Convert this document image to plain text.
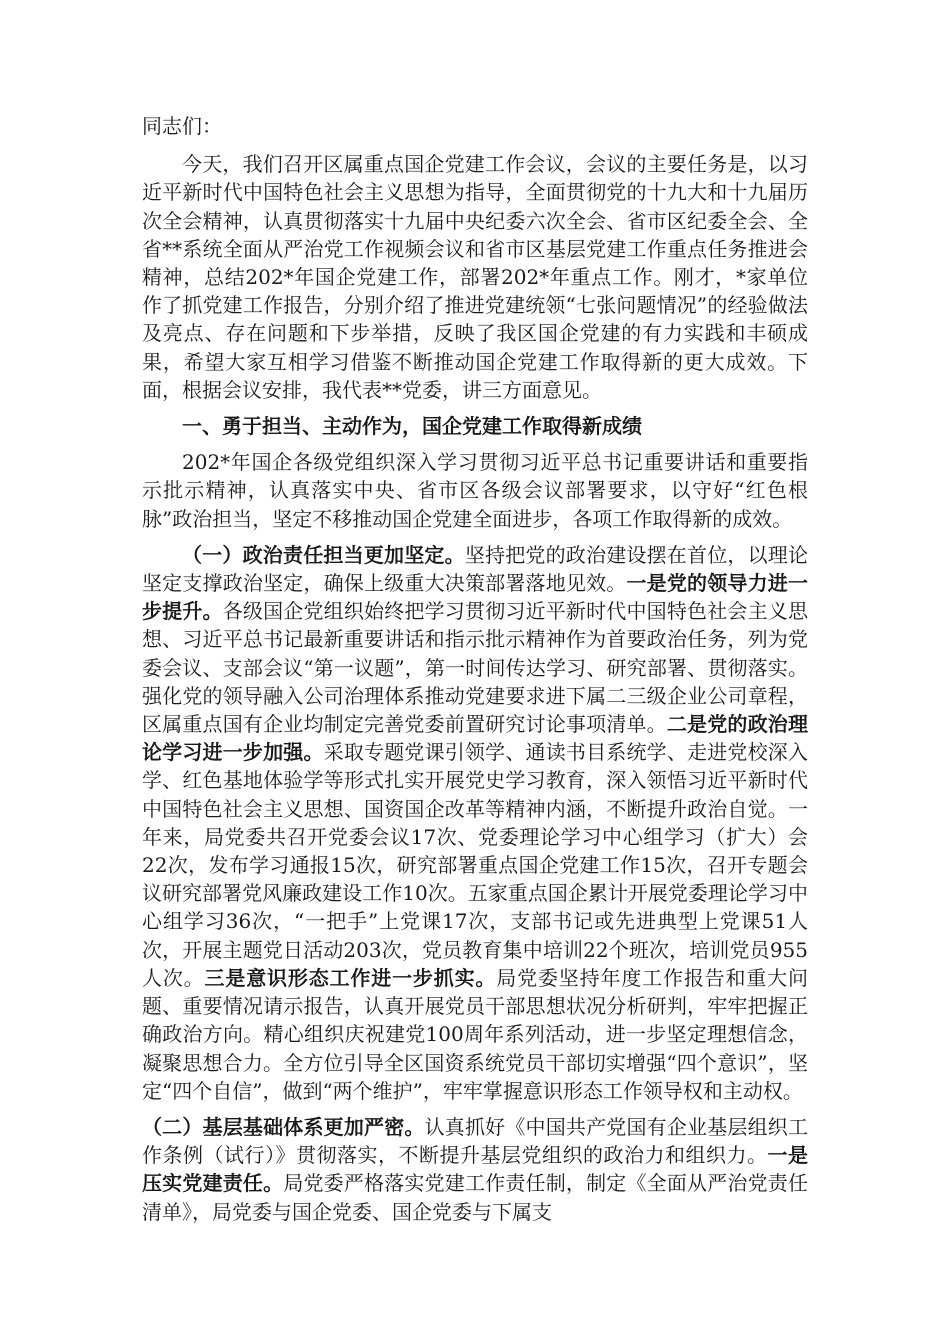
同志们：

今天，我们召开区属重点国企党建工作会议，会议的主要任务是，以习近平新时代中国特色社会主义思想为指导，全面贯彻党的十九大和十九届历次全会精神，认真贯彻落实十九届中央纪委六次全会、省市区纪委全会、全省**系统全面从严治党工作视频会议和省市区基层党建工作重点任务推进会精神，总结202*年国企党建工作，部署202*年重点工作。刚才，*家单位作了抓党建工作报告，分别介绍了推进党建统领“七张问题情况”的经验做法及亮点、存在问题和下步举措，反映了我区国企党建的有力实践和丰硕成果，希望大家互相学习借鉴不断推动国企党建工作取得新的更大成效。下面，根据会议安排，我代表**党委，讲三方面意见。

一、勇于担当、主动作为，国企党建工作取得新成绩

202*年国企各级党组织深入学习贯彻习近平总书记重要讲话和重要指示批示精神，认真落实中央、省市区各级会议部署要求，以守好“红色根脉”政治担当，坚定不移推动国企党建全面进步，各项工作取得新的成效。

（一）政治责任担当更加坚定。坚持把党的政治建设摆在首位，以理论坚定支撑政治坚定，确保上级重大决策部署落地见效。一是党的领导力进一步提升。各级国企党组织始终把学习贯彻习近平新时代中国特色社会主义思想、习近平总书记最新重要讲话和指示批示精神作为首要政治任务，列为党委会议、支部会议“第一议题”，第一时间传达学习、研究部署、贯彻落实。强化党的领导融入公司治理体系推动党建要求进下属二三级企业公司章程，区属重点国有企业均制定完善党委前置研究讨论事项清单。二是党的政治理论学习进一步加强。采取专题党课引领学、通读书目系统学、走进党校深入学、红色基地体验学等形式扎实开展党史学习教育，深入领悟习近平新时代中国特色社会主义思想、国资国企改革等精神内涵，不断提升政治自觉。一年来，局党委共召开党委会议17次、党委理论学习中心组学习（扩大）会22次，发布学习通报15次，研究部署重点国企党建工作15次，召开专题会议研究部署党风廉政建设工作10次。五家重点国企累计开展党委理论学习中心组学习36次，“一把手”上党课17次，支部书记或先进典型上党课51人次，开展主题党日活动203次，党员教育集中培训22个班次，培训党员955人次。三是意识形态工作进一步抓实。局党委坚持年度工作报告和重大问题、重要情况请示报告，认真开展党员干部思想状况分析研判，牢牢把握正确政治方向。精心组织庆祝建党100周年系列活动，进一步坚定理想信念，凝聚思想合力。全方位引导全区国资系统党员干部切实增强“四个意识”，坚定“四个自信”，做到“两个维护”，牢牢掌握意识形态工作领导权和主动权。

（二）基层基础体系更加严密。认真抓好《中国共产党国有企业基层组织工作条例（试行）》贯彻落实，不断提升基层党组织的政治力和组织力。一是压实党建责任。局党委严格落实党建工作责任制，制定《全面从严治党责任清单》，局党委与国企党委、国企党委与下属支
